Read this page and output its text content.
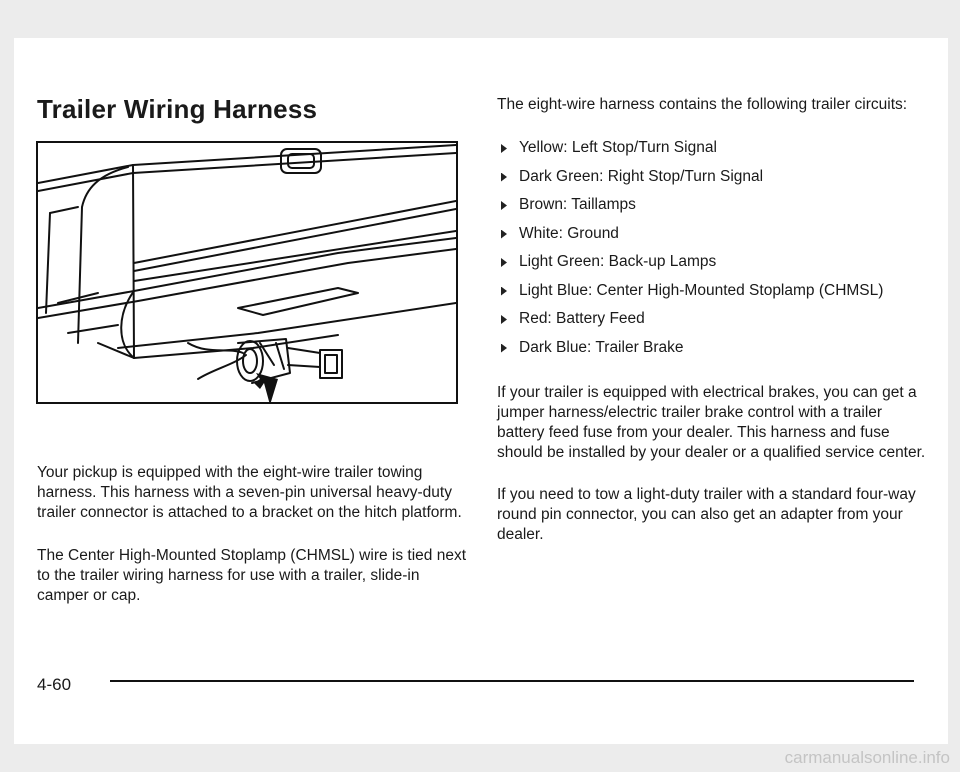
Trailer Wiring Harness

Your pickup is equipped with the eight-wire trailer towing harness. This harness with a seven-pin universal heavy-duty trailer connector is attached to a bracket on the hitch platform.

The Center High-Mounted Stoplamp (CHMSL) wire is tied next to the trailer wiring harness for use with a trailer, slide-in camper or cap.

The eight-wire harness contains the following trailer circuits:

Yellow: Left Stop/Turn Signal
Dark Green: Right Stop/Turn Signal
Brown: Taillamps
White: Ground
Light Green: Back-up Lamps
Light Blue: Center High-Mounted Stoplamp (CHMSL)
Red: Battery Feed
Dark Blue: Trailer Brake

If your trailer is equipped with electrical brakes, you can get a jumper harness/electric trailer brake control with a trailer battery feed fuse from your dealer. This harness and fuse should be installed by your dealer or a qualified service center.

If you need to tow a light-duty trailer with a standard four-way round pin connector, you can also get an adapter from your dealer.

4-60

carmanualsonline.info
